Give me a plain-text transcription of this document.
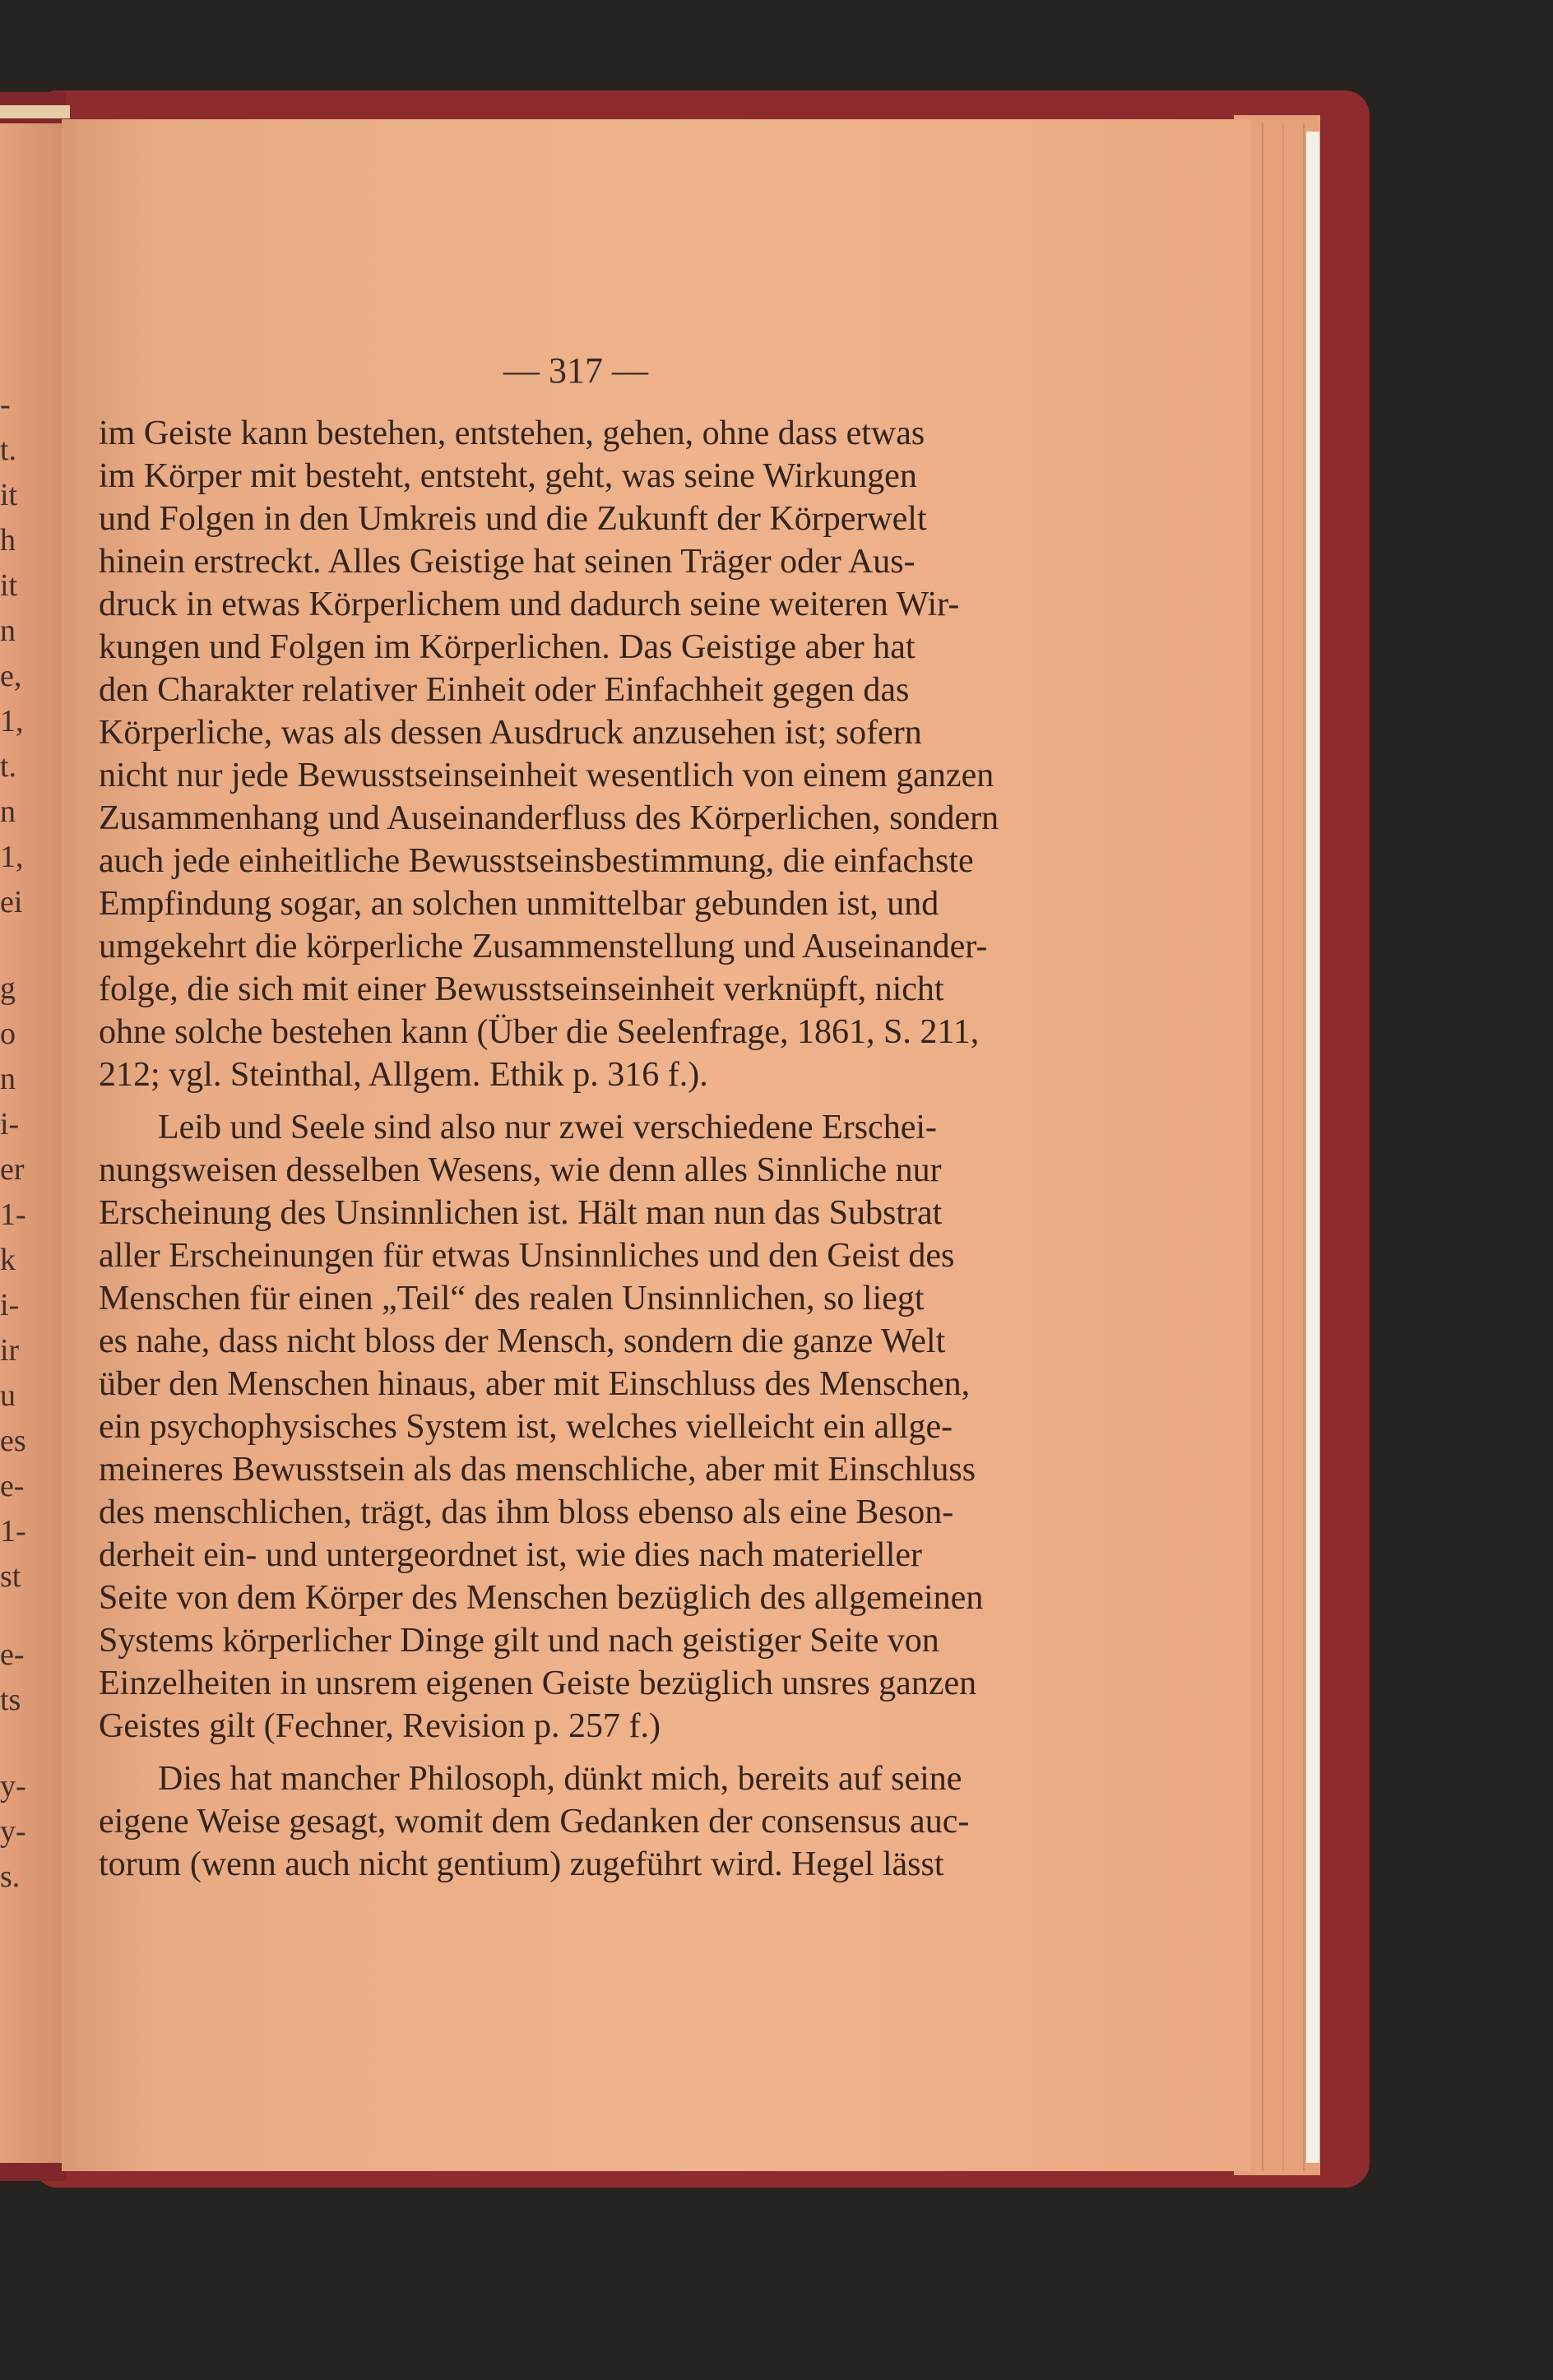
-
t.
it
h
it
n
e,
1,
t.
n
1,
ei
g
o
n
i-
er
1-
k
i-
ir
u
es
e-
1-
st
e-
ts
y-
y-
s.
— 317 —
im Geiste kann bestehen, entstehen, gehen, ohne dass etwas
im Körper mit besteht, entsteht, geht, was seine Wirkungen
und Folgen in den Umkreis und die Zukunft der Körperwelt
hinein erstreckt. Alles Geistige hat seinen Träger oder Aus-
druck in etwas Körperlichem und dadurch seine weiteren Wir-
kungen und Folgen im Körperlichen. Das Geistige aber hat
den Charakter relativer Einheit oder Einfachheit gegen das
Körperliche, was als dessen Ausdruck anzusehen ist; sofern
nicht nur jede Bewusstseinseinheit wesentlich von einem ganzen
Zusammenhang und Auseinanderfluss des Körperlichen, sondern
auch jede einheitliche Bewusstseinsbestimmung, die einfachste
Empfindung sogar, an solchen unmittelbar gebunden ist, und
umgekehrt die körperliche Zusammenstellung und Auseinander-
folge, die sich mit einer Bewusstseinseinheit verknüpft, nicht
ohne solche bestehen kann (Über die Seelenfrage, 1861, S. 211,
212; vgl. Steinthal, Allgem. Ethik p. 316 f.).
Leib und Seele sind also nur zwei verschiedene Erschei-
nungsweisen desselben Wesens, wie denn alles Sinnliche nur
Erscheinung des Unsinnlichen ist. Hält man nun das Substrat
aller Erscheinungen für etwas Unsinnliches und den Geist des
Menschen für einen „Teil“ des realen Unsinnlichen, so liegt
es nahe, dass nicht bloss der Mensch, sondern die ganze Welt
über den Menschen hinaus, aber mit Einschluss des Menschen,
ein psychophysisches System ist, welches vielleicht ein allge-
meineres Bewusstsein als das menschliche, aber mit Einschluss
des menschlichen, trägt, das ihm bloss ebenso als eine Beson-
derheit ein- und untergeordnet ist, wie dies nach materieller
Seite von dem Körper des Menschen bezüglich des allgemeinen
Systems körperlicher Dinge gilt und nach geistiger Seite von
Einzelheiten in unsrem eigenen Geiste bezüglich unsres ganzen
Geistes gilt (Fechner, Revision p. 257 f.)
Dies hat mancher Philosoph, dünkt mich, bereits auf seine
eigene Weise gesagt, womit dem Gedanken der consensus auc-
torum (wenn auch nicht gentium) zugeführt wird. Hegel lässt
